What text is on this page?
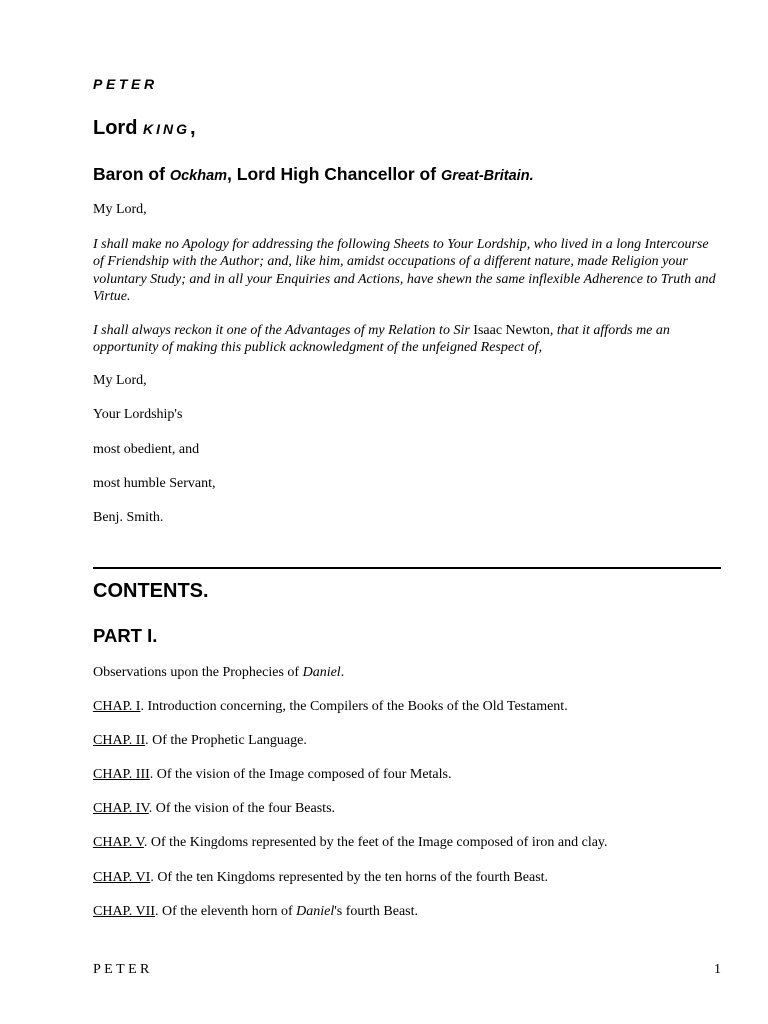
PETER
Lord KING,
Baron of Ockham, Lord High Chancellor of Great-Britain.
My Lord,
I shall make no Apology for addressing the following Sheets to Your Lordship, who lived in a long Intercourse of Friendship with the Author; and, like him, amidst occupations of a different nature, made Religion your voluntary Study; and in all your Enquiries and Actions, have shewn the same inflexible Adherence to Truth and Virtue.
I shall always reckon it one of the Advantages of my Relation to Sir Isaac Newton, that it affords me an opportunity of making this publick acknowledgment of the unfeigned Respect of,
My Lord,
Your Lordship's
most obedient, and
most humble Servant,
Benj. Smith.
CONTENTS.
PART I.
Observations upon the Prophecies of Daniel.
CHAP. I. Introduction concerning, the Compilers of the Books of the Old Testament.
CHAP. II. Of the Prophetic Language.
CHAP. III. Of the vision of the Image composed of four Metals.
CHAP. IV. Of the vision of the four Beasts.
CHAP. V. Of the Kingdoms represented by the feet of the Image composed of iron and clay.
CHAP. VI. Of the ten Kingdoms represented by the ten horns of the fourth Beast.
CHAP. VII. Of the eleventh horn of Daniel's fourth Beast.
PETER	1
